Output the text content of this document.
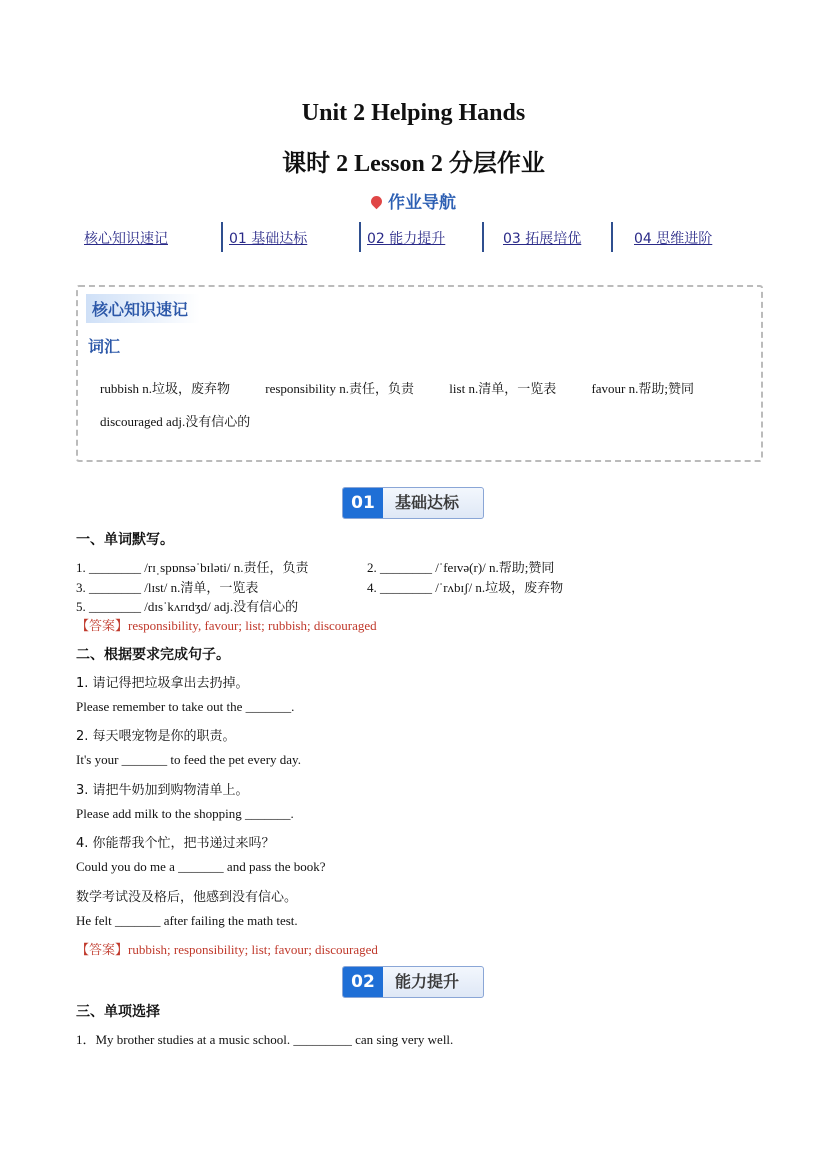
Unit 2 Helping Hands
课时 2 Lesson 2 分层作业
作业导航
核心知识速记	01 基础达标	02 能力提升	03 拓展培优	04 思维进阶
核心知识速记
词汇
rubbish n.垃圾，废弃物	responsibility n.责任，负责	list n.清单，一览表	favour n.帮助;赞同
discouraged adj.没有信心的
01	基础达标
一、单词默写。
1. ________ /rɪˌspɒnsəˈbɪləti/ n.责任，负责	2. ________ /ˈfeɪvə(r)/ n.帮助;赞同
3. ________ /lɪst/ n.清单，一览表	4. ________ /ˈrʌbɪʃ/ n.垃圾，废弃物
5. ________ /dɪsˈkʌrɪdʒd/ adj.没有信心的
【答案】responsibility, favour; list; rubbish; discouraged
二、根据要求完成句子。
1. 请记得把垃圾拿出去扔掉。
Please remember to take out the _______.
2. 每天喂宠物是你的职责。
It's your _______ to feed the pet every day.
3. 请把牛奶加到购物清单上。
Please add milk to the shopping _______.
4. 你能帮我个忙，把书递过来吗？
Could you do me a _______ and pass the book?
数学考试没及格后，他感到没有信心。
He felt _______ after failing the math test.
【答案】rubbish; responsibility; list; favour; discouraged
02	能力提升
三、单项选择
1．My brother studies at a music school. _________ can sing very well.
